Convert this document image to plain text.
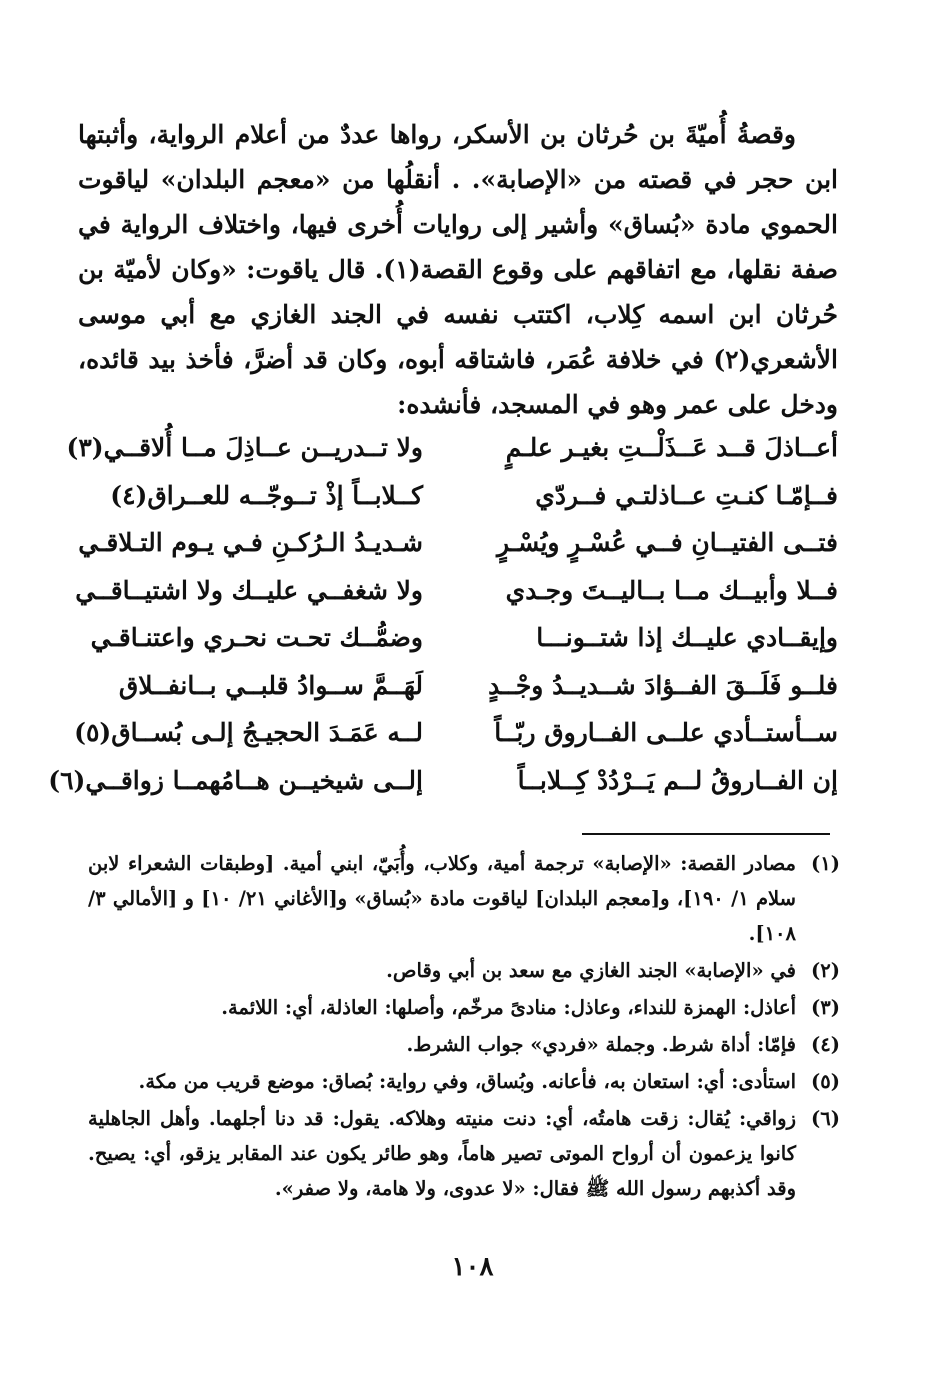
وقصةُ أُميّةَ بن حُرثان بن الأسكر، رواها عددٌ من أعلام الرواية، وأثبتها ابن حجر في قصته من «الإصابة». . أنقلُها من «معجم البلدان» لياقوت الحموي مادة «بُساق» وأشير إلى روايات أُخرى فيها، واختلاف الرواية في صفة نقلها، مع اتفاقهم على وقوع القصة(١). قال ياقوت: «وكان لأميّة بن حُرثان ابن اسمه كِلاب، اكتتب نفسه في الجند الغازي مع أبي موسى الأشعري(٢) في خلافة عُمَر، فاشتاقه أبوه، وكان قد أضرَّ، فأخذ بيد قائده، ودخل على عمر وهو في المسجد، فأنشده:

أعــاذلَ قــد عَــذَلْــتِ بغيـر علـمٍ
ولا تــدريــن عــاذِلَ مــا أُلاقــي(٣)
فــإمّـا كنـتِ عــاذلتـي فــردّي
كــلابــاً إذْ تــوجّــه للعــراق(٤)
فتــى الفتيــانِ فــي عُسْـرٍ ويُسْـرٍ
شـديـدُ الـرُكـنِ فـي يـوم التـلاقـي
فــلا وأبيــك مــا بــاليــتَ وجـدي
ولا شغفــي عليــك ولا اشتيــاقــي
وإيقــادي عليــك إذا شتــونـــا
وضمُّــك تحـت نحـري واعتنـاقـي
فلــو فَلَــقَ الفــؤادَ شــديــدُ وجْــدٍ
لَهَــمَّ ســوادُ قلبــي بــانفــلاق
ســأستــأدي علــى الفــاروق ربّــاً
لــه عَمَـدَ الحجيـجُ إلـى بُســاق(٥)
إن الفــاروقُ لــم يَــرْدُدْ كِــلابــاً
إلــى شيخيــن هــامُهمــا زواقــي(٦)
(١)
مصادر القصة: «الإصابة» ترجمة أمية، وكلاب، وأُبَيّ، ابني أمية. [وطبقات الشعراء لابن سلام ١/ ١٩٠]، و[معجم البلدان] لياقوت مادة «بُساق» و[الأغاني ٢١/ ١٠] و [الأمالي ٣/ ١٠٨].
(٢)
في «الإصابة» الجند الغازي مع سعد بن أبي وقاص.
(٣)
أعاذل: الهمزة للنداء، وعاذل: منادىً مرخّم، وأصلها: العاذلة، أي: اللائمة.
(٤)
فإمّا: أداة شرط. وجملة «فردي» جواب الشرط.
(٥)
استأدى: أي: استعان به، فأعانه. وبُساق، وفي رواية: بُصاق: موضع قريب من مكة.
(٦)
زواقي: يُقال: زقت هامتُه، أي: دنت منيته وهلاكه. يقول: قد دنا أجلهما. وأهل الجاهلية كانوا يزعمون أن أرواح الموتى تصير هاماً، وهو طائر يكون عند المقابر يزقو، أي: يصيح. وقد أكذبهم رسول الله ﷺ فقال: «لا عدوى، ولا هامة، ولا صفر».
١٠٨
